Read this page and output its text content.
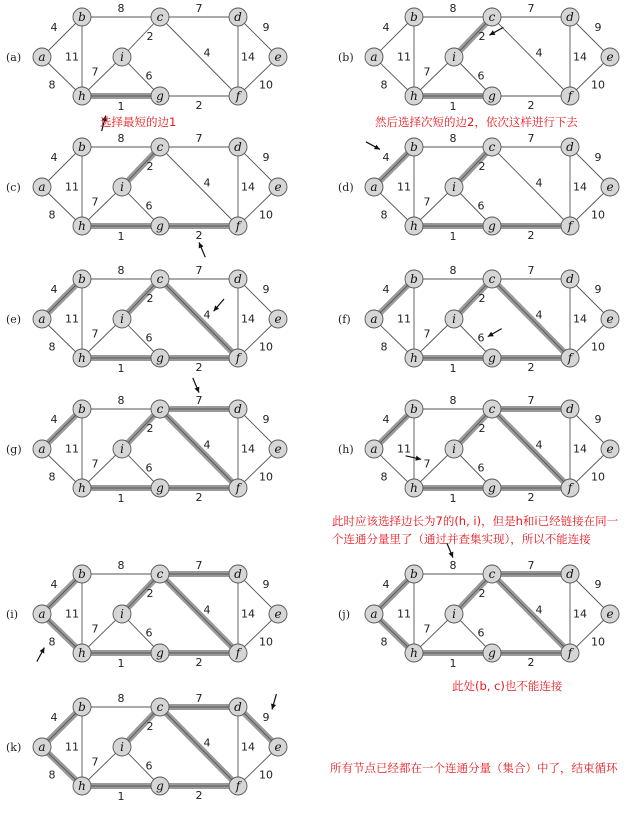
(a)
4
8
8
11
7
2
4
9
14
10
2
1
6
7
a
b	c	d
e
f
g
h
i	(b)
4
8
8
11
7
2
4
9
14
10
2
1
6
7
a
b	c	d
e
f
g
h
i
(c)
4
8
8
11
7
2
4
9
14
10
2
1
6
7
a
b	c	d
e
f
g
h
i	(d)
4
8
8
11
7
2
4
9
14
10
2
1
6
7
a
b	c	d
e
f
g
h
i
(e)
4
8
8
11
7
2
4
9
14
10
2
1
6
7
a
b	c	d
e
f
g
h
i	(f)
4
8
8
11
7
2
4
9
14
10
2
1
6
7
a
b	c	d
e
f
g
h
i
(g)
4
8
8
11
7
2
4
9
14
10
2
1
6
7
a
b	c	d
e
f
g
h
i	(h)
4
8
8
11
7
2
4
9
14
10
2
1
6
7
a
b	c	d
e
f
g
h
i
(i)
4
8
8
11
7
2
4
9
14
10
2
1
6
7
a
b	c	d
e
f
g
h
i	(j)
4
8
8
11
7
2
4
9
14
10
2
1
6
7
a
b	c	d
e
f
g
h
i
(k)
4
8
8
11
7
2
4
9
14
10
2
1
6
7
a
b	c	d
e
f
g
h
i
选择最短的边1	然后选择次短的边2，依次这样进行下去
此时应该选择边长为7的(h, i)，但是h和i已经链接在同一
个连通分量里了（通过并查集实现），所以不能连接
此处(b, c)也不能连接
所有节点已经都在一个连通分量（集合）中了，结束循环
